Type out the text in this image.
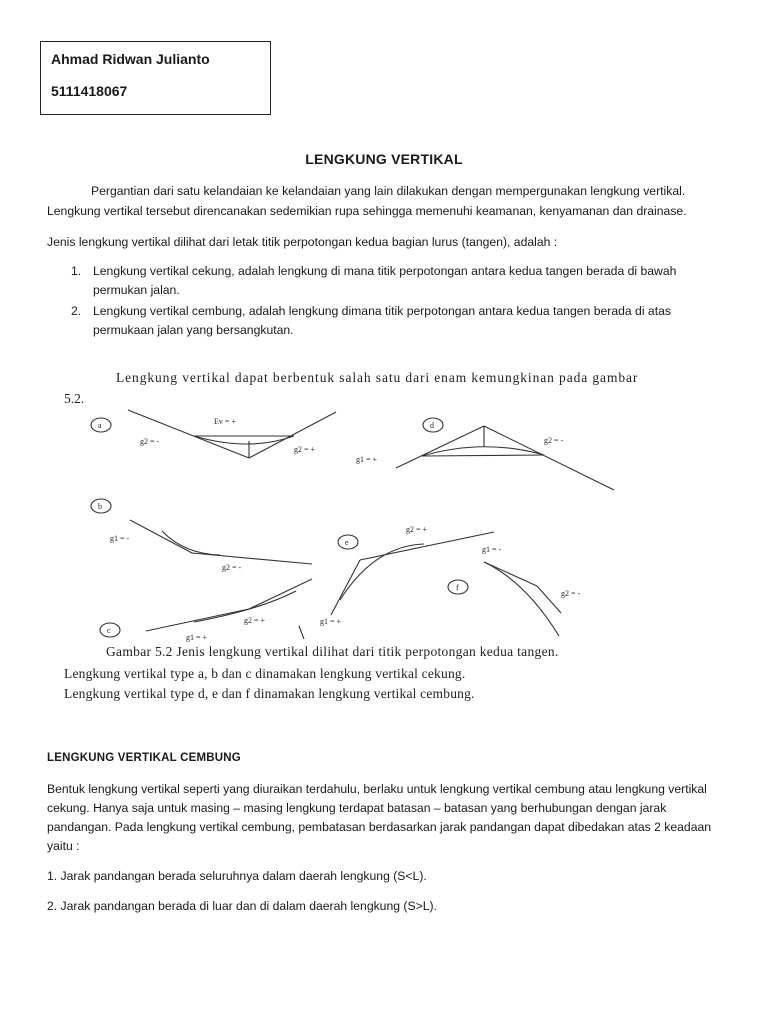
Ahmad Ridwan Julianto
5111418067
LENGKUNG VERTIKAL
Pergantian dari satu kelandaian ke kelandaian yang lain dilakukan dengan mempergunakan lengkung vertikal. Lengkung vertikal tersebut direncanakan sedemikian rupa sehingga memenuhi keamanan, kenyamanan dan drainase.
Jenis lengkung vertikal dilihat dari letak titik perpotongan kedua bagian lurus (tangen), adalah :
1. Lengkung vertikal cekung, adalah lengkung di mana titik perpotongan antara kedua tangen berada di bawah permukan jalan.
2. Lengkung vertikal cembung, adalah lengkung dimana titik perpotongan antara kedua tangen berada di atas permukaan jalan yang bersangkutan.
Lengkung vertikal dapat berbentuk salah satu dari enam kemungkinan pada gambar
5.2.
a	Ev = +
g2 = -
g2 = +
d
g1 = +
g2 = -
b
g1 = -
g2 = -
e
g2 = +
g1 = +
f
g1 = -
g2 = -
c
g1 = +
g2 = +
Gambar 5.2 Jenis lengkung vertikal dilihat dari titik perpotongan kedua tangen.
Lengkung vertikal type a, b dan c dinamakan lengkung vertikal cekung.
Lengkung vertikal type d, e dan f dinamakan lengkung vertikal cembung.
LENGKUNG VERTIKAL CEMBUNG
Bentuk lengkung vertikal seperti yang diuraikan terdahulu, berlaku untuk lengkung vertikal cembung atau lengkung vertikal cekung. Hanya saja untuk masing – masing lengkung terdapat batasan – batasan yang berhubungan dengan jarak pandangan. Pada lengkung vertikal cembung, pembatasan berdasarkan jarak pandangan dapat dibedakan atas 2 keadaan yaitu :
1. Jarak pandangan berada seluruhnya dalam daerah lengkung (S<L).
2. Jarak pandangan berada di luar dan di dalam daerah lengkung (S>L).
